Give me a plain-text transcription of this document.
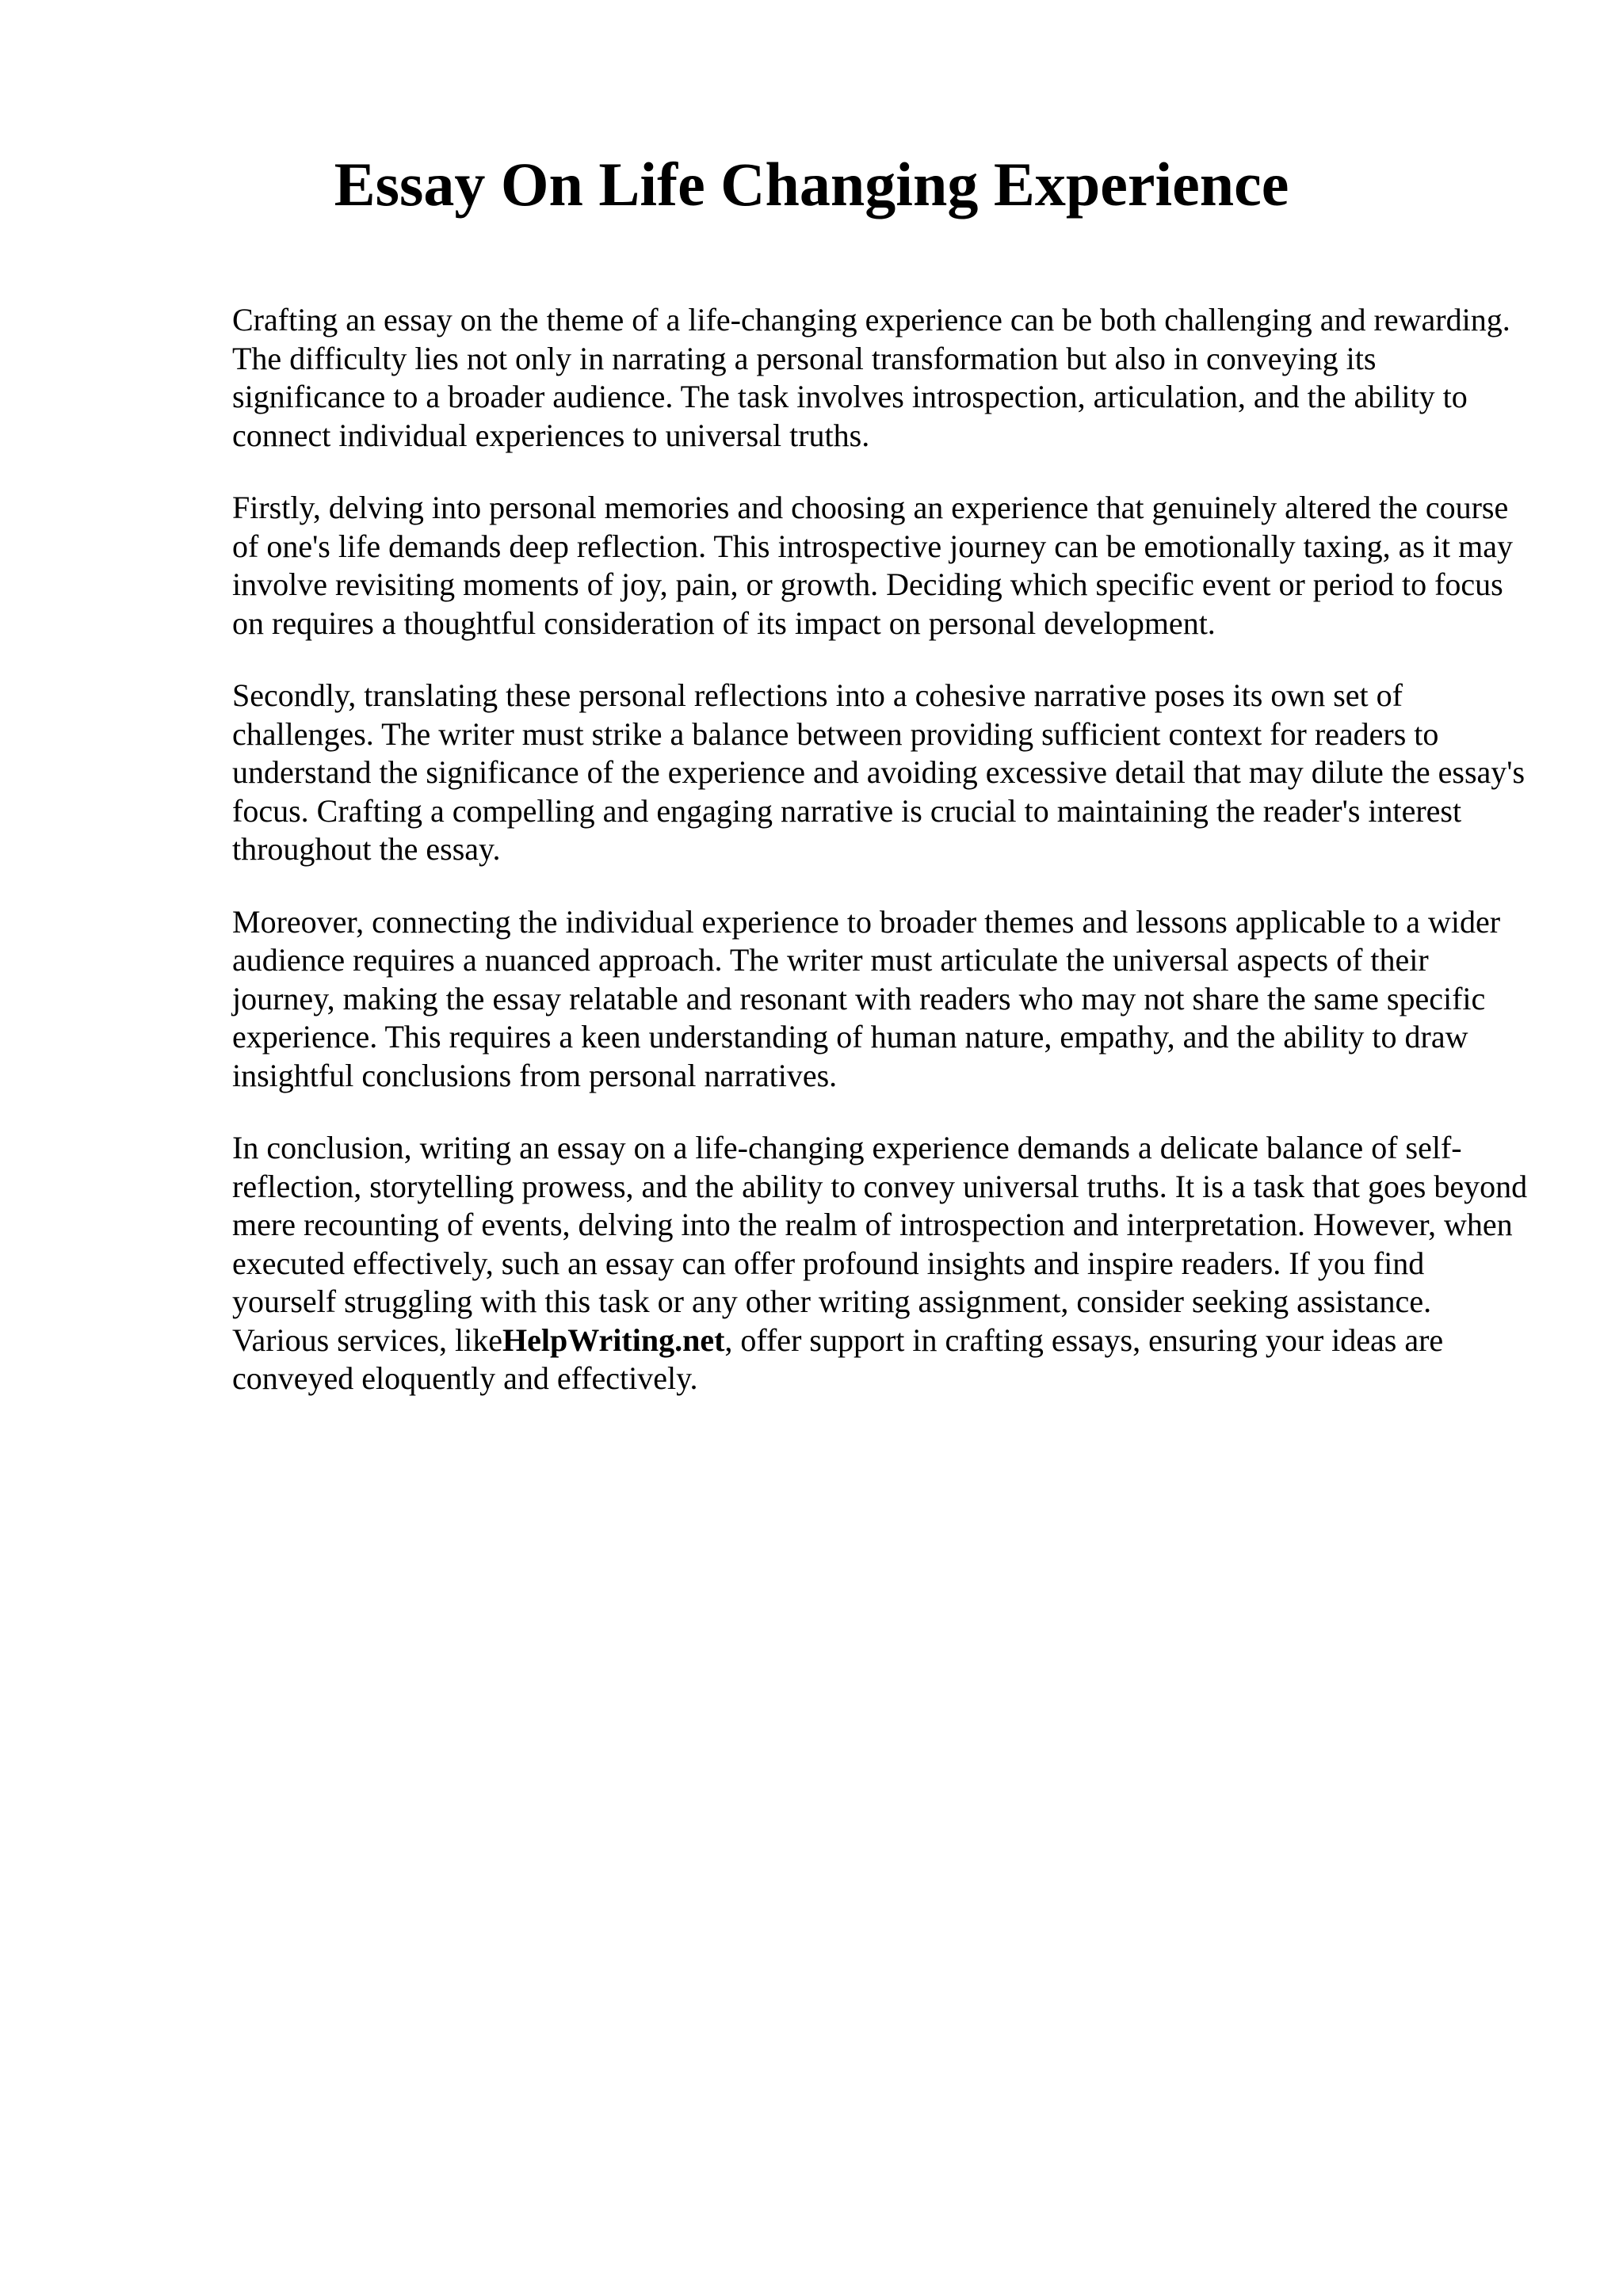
Essay On Life Changing Experience

Crafting an essay on the theme of a life-changing experience can be both challenging and rewarding. The difficulty lies not only in narrating a personal transformation but also in conveying its significance to a broader audience. The task involves introspection, articulation, and the ability to connect individual experiences to universal truths.

Firstly, delving into personal memories and choosing an experience that genuinely altered the course of one's life demands deep reflection. This introspective journey can be emotionally taxing, as it may involve revisiting moments of joy, pain, or growth. Deciding which specific event or period to focus on requires a thoughtful consideration of its impact on personal development.

Secondly, translating these personal reflections into a cohesive narrative poses its own set of challenges. The writer must strike a balance between providing sufficient context for readers to understand the significance of the experience and avoiding excessive detail that may dilute the essay's focus. Crafting a compelling and engaging narrative is crucial to maintaining the reader's interest throughout the essay.

Moreover, connecting the individual experience to broader themes and lessons applicable to a wider audience requires a nuanced approach. The writer must articulate the universal aspects of their journey, making the essay relatable and resonant with readers who may not share the same specific experience. This requires a keen understanding of human nature, empathy, and the ability to draw insightful conclusions from personal narratives.

In conclusion, writing an essay on a life-changing experience demands a delicate balance of self-reflection, storytelling prowess, and the ability to convey universal truths. It is a task that goes beyond mere recounting of events, delving into the realm of introspection and interpretation. However, when executed effectively, such an essay can offer profound insights and inspire readers. If you find yourself struggling with this task or any other writing assignment, consider seeking assistance. Various services, likeHelpWriting.net, offer support in crafting essays, ensuring your ideas are conveyed eloquently and effectively.
